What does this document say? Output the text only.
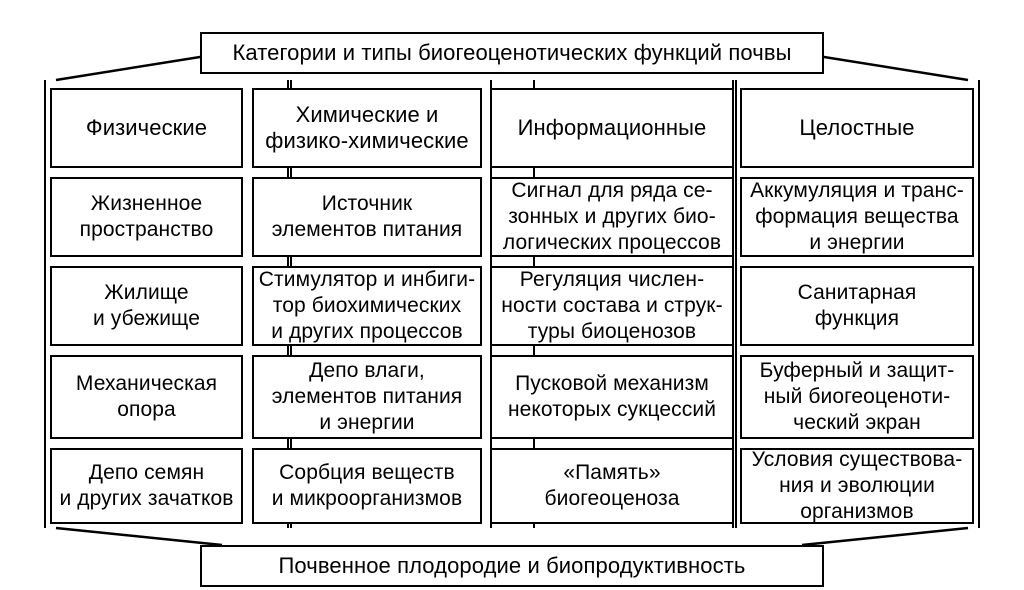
Категории и типы биогеоценотических функций почвы
Физические
Жизненное
пространство
Жилище
и убежище
Механическая
опора
Депо семян
и других зачатков
Химические и
физико-химические
Источник
элементов питания
Стимулятор и инбиги-
тор биохимических
и других процессов
Депо влаги,
элементов питания
и энергии
Сорбция веществ
и микроорганизмов
Информационные
Сигнал для ряда се-
зонных и других био-
логических процессов
Регуляция числен-
ности состава и струк-
туры биоценозов
Пусковой механизм
некоторых сукцессий
«Память»
биогеоценоза
Целостные
Аккумуляция и транс-
формация вещества
и энергии
Санитарная
функция
Буферный и защит-
ный биогеоценоти-
ческий экран
Условия существова-
ния и эволюции
организмов
Почвенное плодородие и биопродуктивность
